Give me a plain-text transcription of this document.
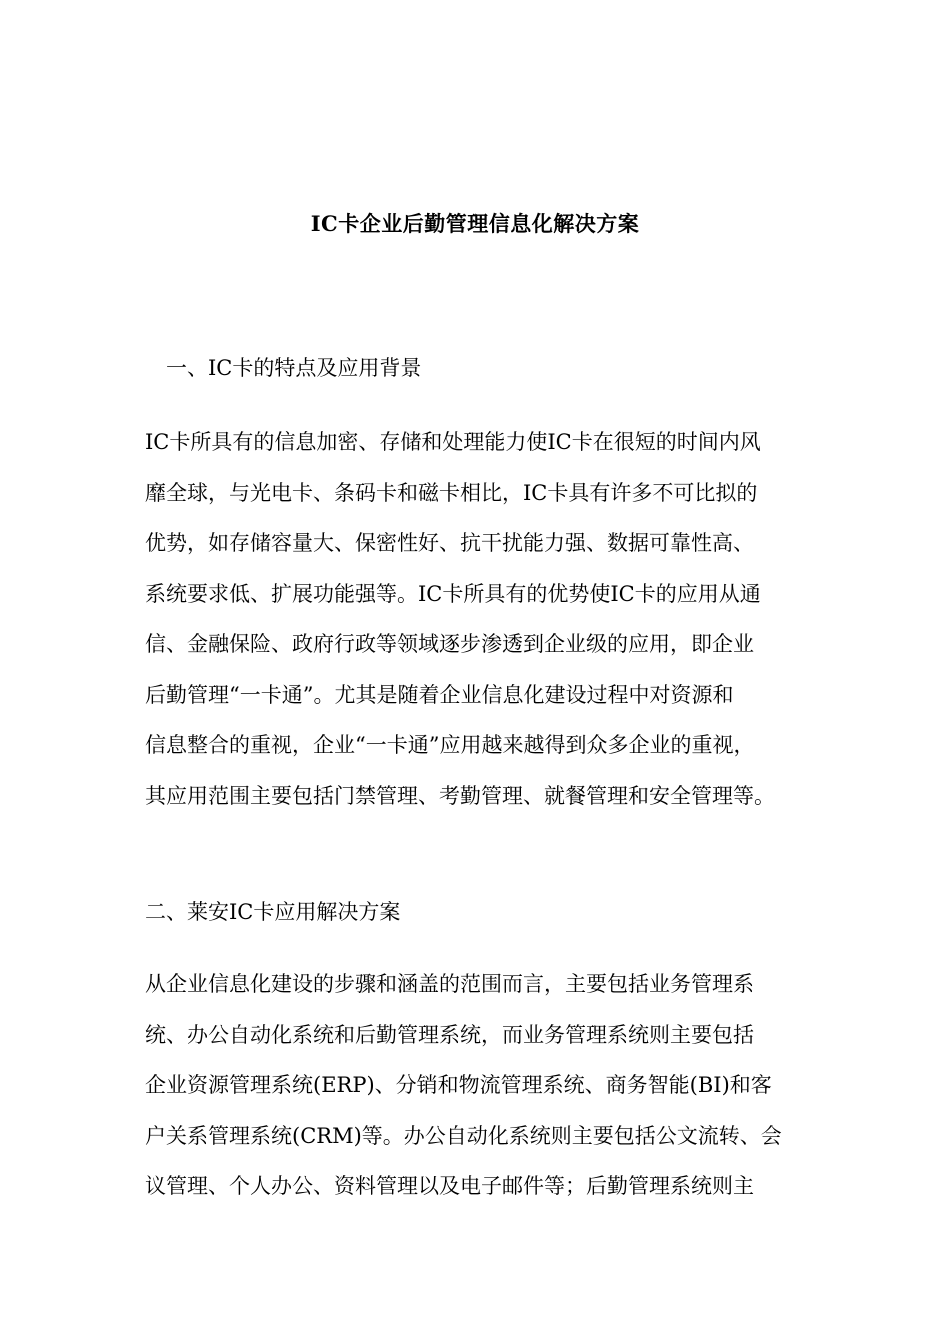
IC卡企业后勤管理信息化解决方案
一、IC卡的特点及应用背景
IC卡所具有的信息加密、存储和处理能力使IC卡在很短的时间内风
靡全球，与光电卡、条码卡和磁卡相比，IC卡具有许多不可比拟的
优势，如存储容量大、保密性好、抗干扰能力强、数据可靠性高、
系统要求低、扩展功能强等。IC卡所具有的优势使IC卡的应用从通
信、金融保险、政府行政等领域逐步渗透到企业级的应用，即企业
后勤管理“一卡通”。尤其是随着企业信息化建设过程中对资源和
信息整合的重视，企业“一卡通”应用越来越得到众多企业的重视，
其应用范围主要包括门禁管理、考勤管理、就餐管理和安全管理等。
二、莱安IC卡应用解决方案
从企业信息化建设的步骤和涵盖的范围而言，主要包括业务管理系
统、办公自动化系统和后勤管理系统，而业务管理系统则主要包括
企业资源管理系统(ERP)、分销和物流管理系统、商务智能(BI)和客
户关系管理系统(CRM)等。办公自动化系统则主要包括公文流转、会
议管理、个人办公、资料管理以及电子邮件等；后勤管理系统则主
